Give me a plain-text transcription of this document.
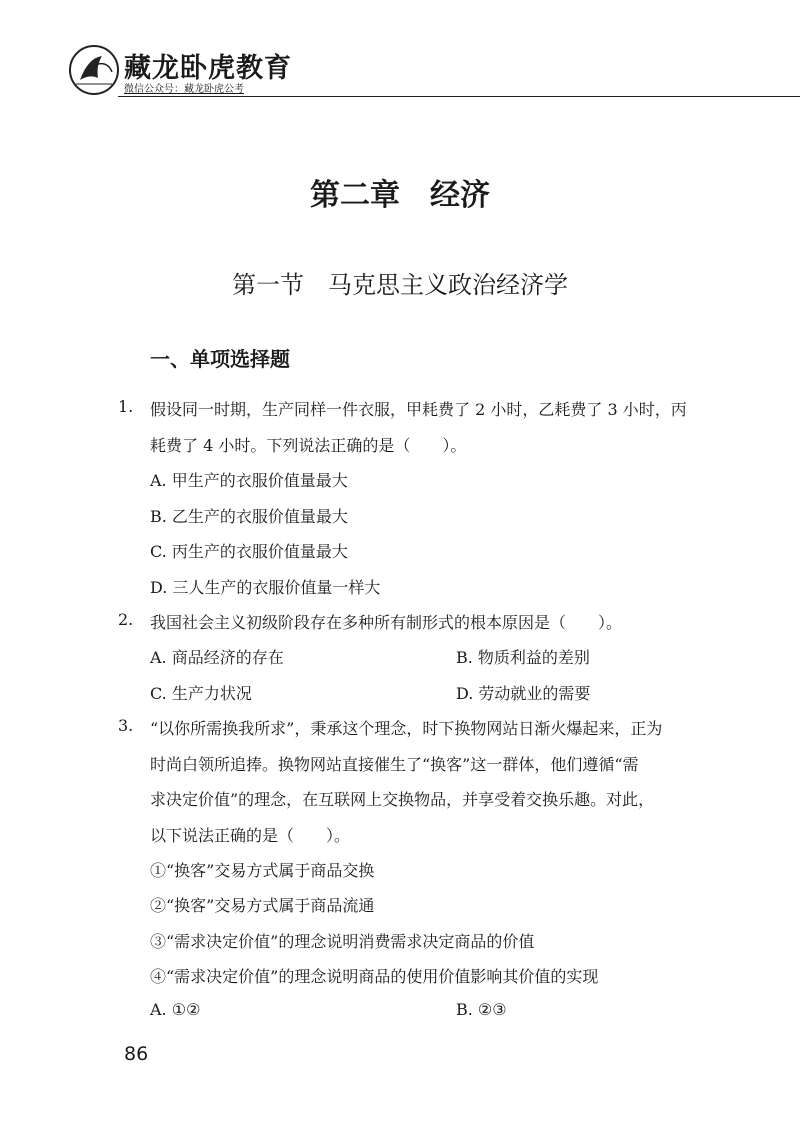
藏龙卧虎教育
微信公众号：藏龙卧虎公考
第二章　经济
第一节　马克思主义政治经济学
一、单项选择题
1. 假设同一时期，生产同样一件衣服，甲耗费了 2 小时，乙耗费了 3 小时，丙
耗费了 4 小时。下列说法正确的是（　　）。
A. 甲生产的衣服价值量最大
B. 乙生产的衣服价值量最大
C. 丙生产的衣服价值量最大
D. 三人生产的衣服价值量一样大
2. 我国社会主义初级阶段存在多种所有制形式的根本原因是（　　）。
A. 商品经济的存在	B. 物质利益的差别
C. 生产力状况	D. 劳动就业的需要
3. “以你所需换我所求”，秉承这个理念，时下换物网站日渐火爆起来，正为
时尚白领所追捧。换物网站直接催生了“换客”这一群体，他们遵循“需
求决定价值”的理念，在互联网上交换物品，并享受着交换乐趣。对此，
以下说法正确的是（　　）。
①“换客”交易方式属于商品交换
②“换客”交易方式属于商品流通
③“需求决定价值”的理念说明消费需求决定商品的价值
④“需求决定价值”的理念说明商品的使用价值影响其价值的实现
A. ①②	B. ②③
86
